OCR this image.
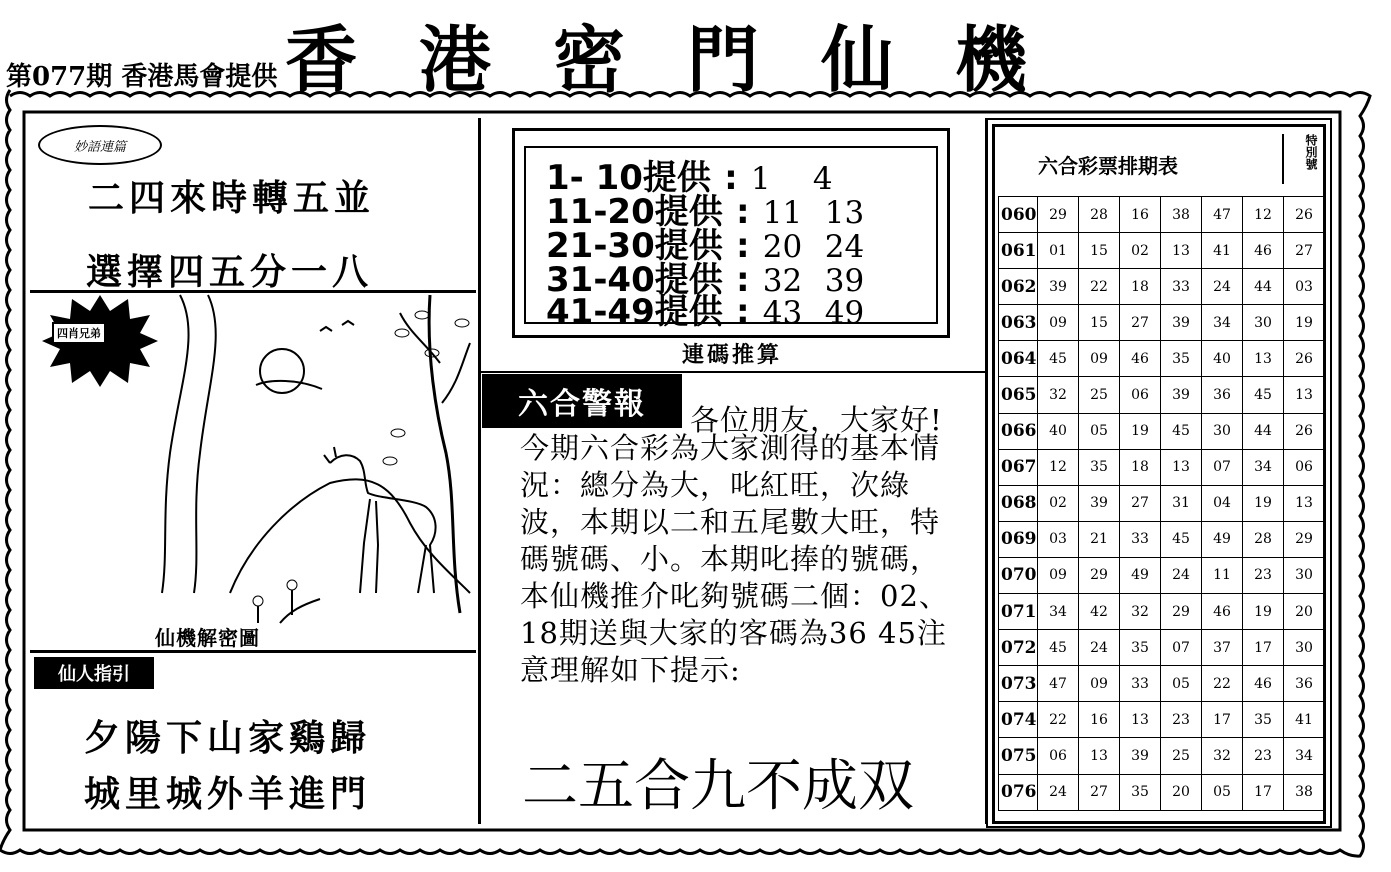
第077期 香港馬會提供 香港密門仙機
妙語連篇
二四來時轉五並
選擇四五分一八
四肖兄弟
仙機解密圖
仙人指引
夕陽下山家鷄歸
城里城外羊進門
1- 10提供 : 1 4
11-20提供 : 11 13
21-30提供 : 20 24
31-40提供 : 32 39
41-49提供 : 43 49
連碼推算
六合警報	各位朋友，大家好!
今期六合彩為大家測得的基本情況：總分為大，叱紅旺，次綠波，本期以二和五尾數大旺，特碼號碼、小。本期叱捧的號碼，本仙機推介叱夠號碼二個：02、18期送與大家的客碼為36 45注意理解如下提示:
二五合九不成双
六合彩票排期表	特別號
060	29	28	16	38	47	12	26
061	01	15	02	13	41	46	27
062	39	22	18	33	24	44	03
063	09	15	27	39	34	30	19
064	45	09	46	35	40	13	26
065	32	25	06	39	36	45	13
066	40	05	19	45	30	44	26
067	12	35	18	13	07	34	06
068	02	39	27	31	04	19	13
069	03	21	33	45	49	28	29
070	09	29	49	24	11	23	30
071	34	42	32	29	46	19	20
072	45	24	35	07	37	17	30
073	47	09	33	05	22	46	36
074	22	16	13	23	17	35	41
075	06	13	39	25	32	23	34
076	24	27	35	20	05	17	38
